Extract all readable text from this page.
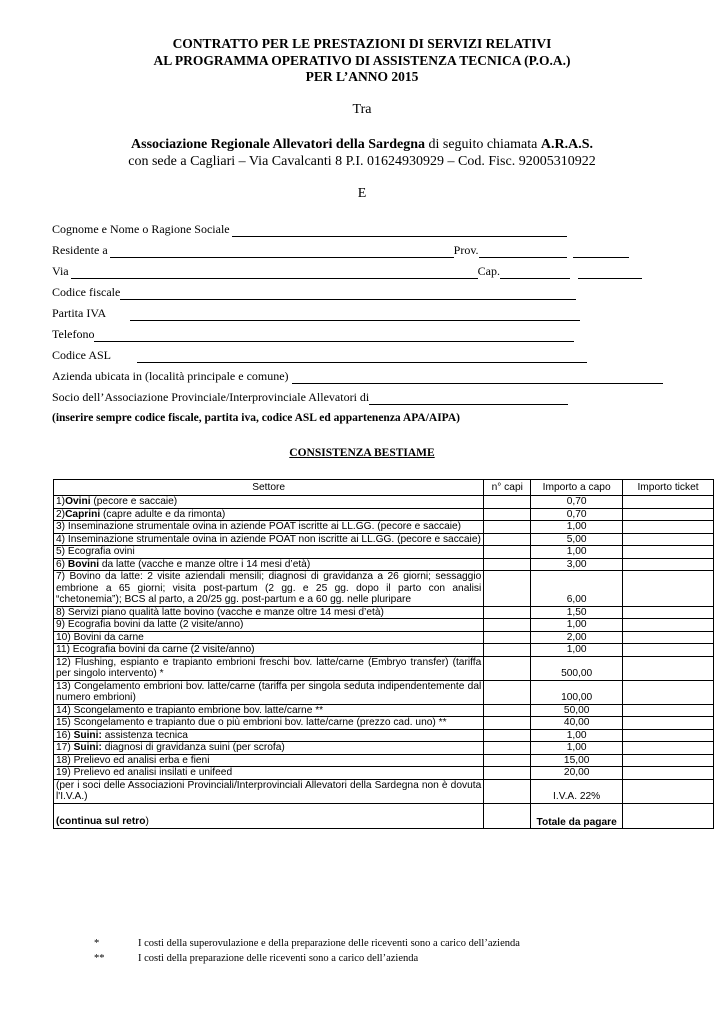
CONTRATTO PER LE PRESTAZIONI DI SERVIZI RELATIVI
AL PROGRAMMA OPERATIVO DI ASSISTENZA TECNICA (P.O.A.)
PER L’ANNO 2015
Tra
Associazione Regionale Allevatori della Sardegna di seguito chiamata A.R.A.S.
con sede a Cagliari – Via Cavalcanti 8 P.I. 01624930929 – Cod. Fisc. 92005310922
E
Cognome e Nome o Ragione Sociale
Residente a	Prov.
Via	Cap.
Codice fiscale
Partita IVA
Telefono
Codice ASL
Azienda ubicata in (località principale e comune)
Socio dell’Associazione Provinciale/Interprovinciale Allevatori di
(inserire sempre codice fiscale, partita iva, codice ASL ed appartenenza APA/AIPA)
CONSISTENZA BESTIAME
Settore	n° capi	Importo a capo	Importo ticket
1)Ovini (pecore e saccaie)		0,70	
2)Caprini (capre adulte e da rimonta)		0,70	
3) Inseminazione strumentale ovina in aziende POAT iscritte ai LL.GG. (pecore e saccaie)		1,00	
4) Inseminazione strumentale ovina in aziende POAT non iscritte ai LL.GG. (pecore e saccaie)		5,00	
5) Ecografia ovini		1,00	
6) Bovini da latte (vacche e manze oltre i 14 mesi d’età)		3,00	
7) Bovino da latte: 2 visite aziendali mensili; diagnosi di gravidanza a 26 giorni; sessaggio embrione a 65 giorni; visita post-partum (2 gg. e 25 gg. dopo il parto con analisi “chetonemia”); BCS al parto, a 20/25 gg. post-partum e a 60 gg. nelle pluripare		6,00	
8) Servizi piano qualità latte bovino (vacche e manze oltre 14 mesi d’età)		1,50	
9) Ecografia bovini da latte (2 visite/anno)		1,00	
10) Bovini da carne		2,00	
11) Ecografia bovini da carne (2 visite/anno)		1,00	
12) Flushing, espianto e trapianto embrioni freschi bov. latte/carne (Embryo transfer) (tariffa per singolo intervento) *		500,00	
13) Congelamento embrioni bov. latte/carne (tariffa per singola seduta indipendentemente dal numero embrioni)		100,00	
14) Scongelamento e trapianto embrione bov. latte/carne **		50,00	
15) Scongelamento e trapianto due o più embrioni bov. latte/carne (prezzo cad. uno) **		40,00	
16) Suini: assistenza tecnica		1,00	
17) Suini: diagnosi di gravidanza suini (per scrofa)		1,00	
18) Prelievo ed analisi erba e fieni		15,00	
19) Prelievo ed analisi insilati e unifeed		20,00	
(per i soci delle Associazioni Provinciali/Interprovinciali Allevatori della Sardegna non è dovuta l'I.V.A.)		I.V.A. 22%	
(continua sul retro)		Totale da pagare	
*	I costi della superovulazione e della preparazione delle riceventi sono a carico dell’azienda
**	I costi della preparazione delle riceventi sono a carico dell’azienda
